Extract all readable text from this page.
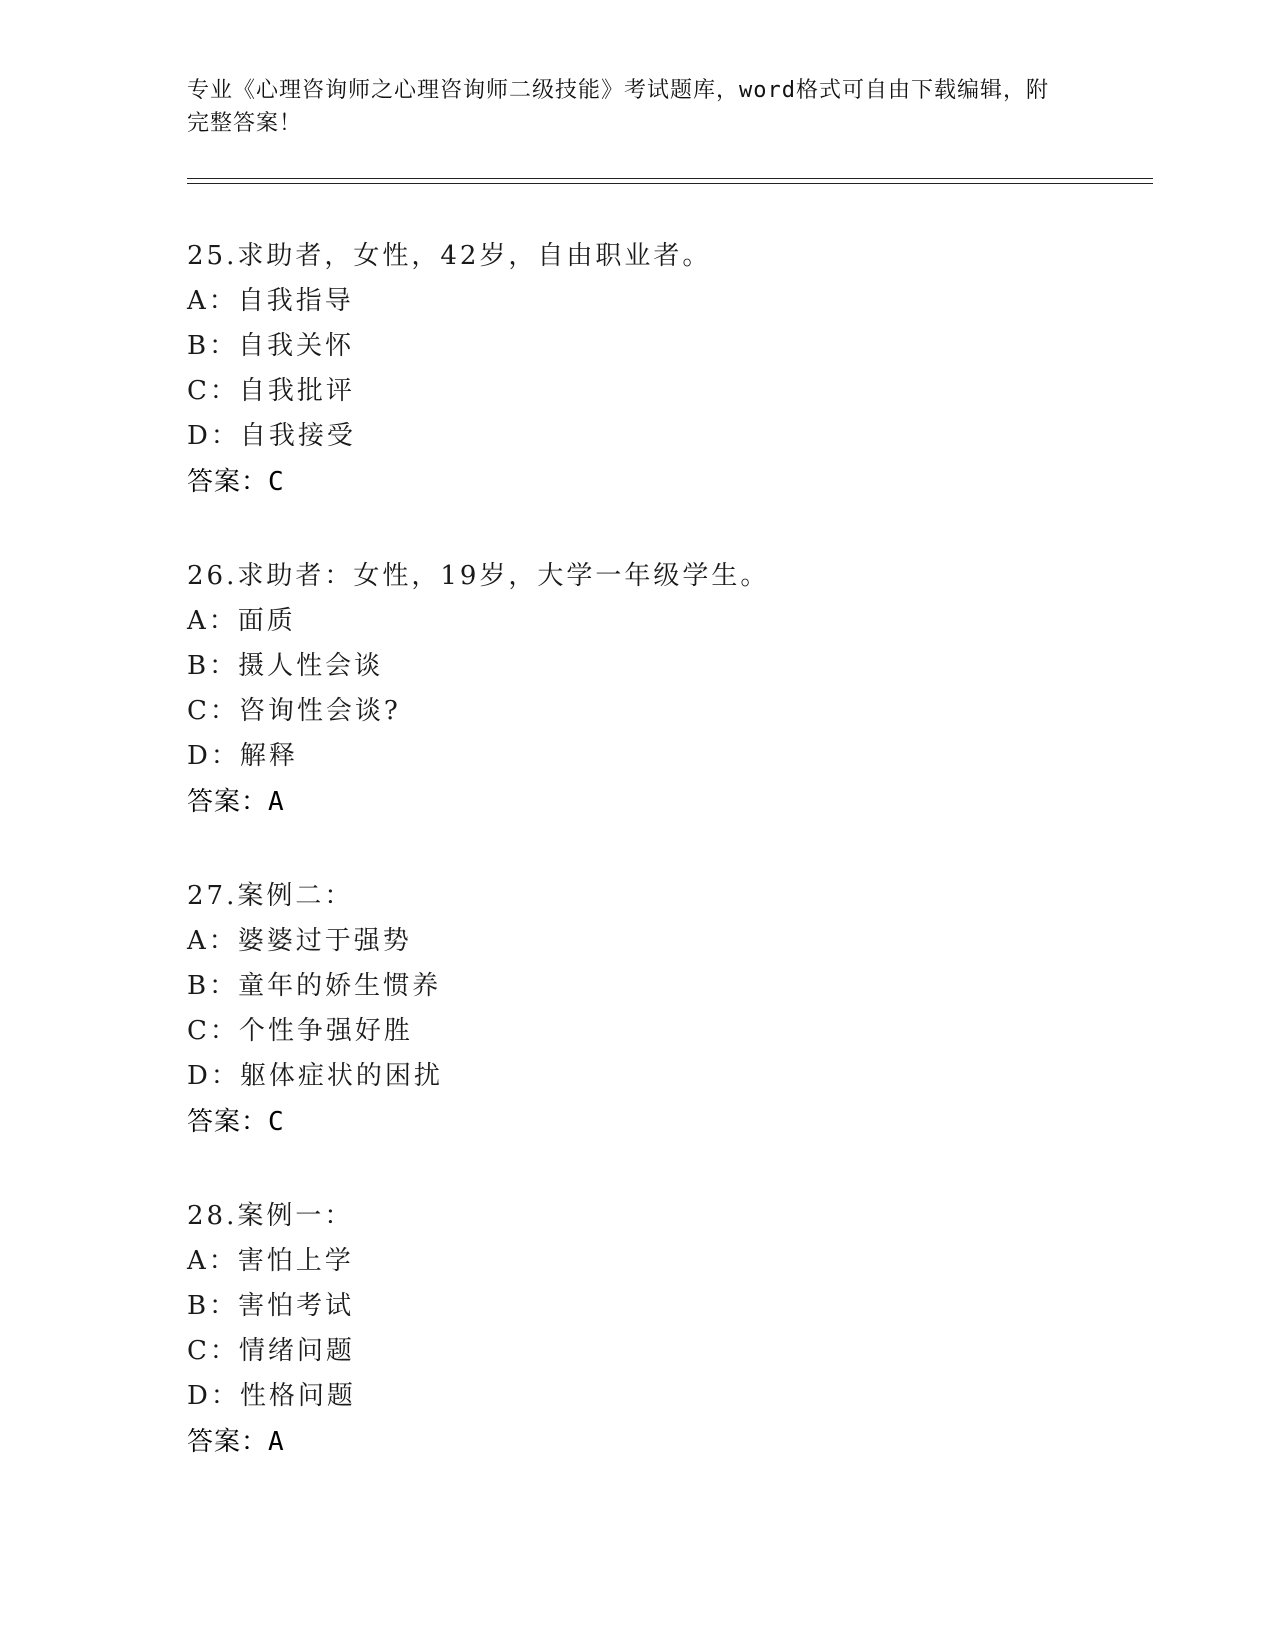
专业《心理咨询师之心理咨询师二级技能》考试题库，word格式可自由下载编辑，附完整答案！
25.求助者，女性，42岁，自由职业者。
A：自我指导
B：自我关怀
C：自我批评
D：自我接受
答案：C
26.求助者：女性，19岁，大学一年级学生。
A：面质
B：摄人性会谈
C：咨询性会谈?
D：解释
答案：A
27.案例二：
A：婆婆过于强势
B：童年的娇生惯养
C：个性争强好胜
D：躯体症状的困扰
答案：C
28.案例一：
A：害怕上学
B：害怕考试
C：情绪问题
D：性格问题
答案：A
